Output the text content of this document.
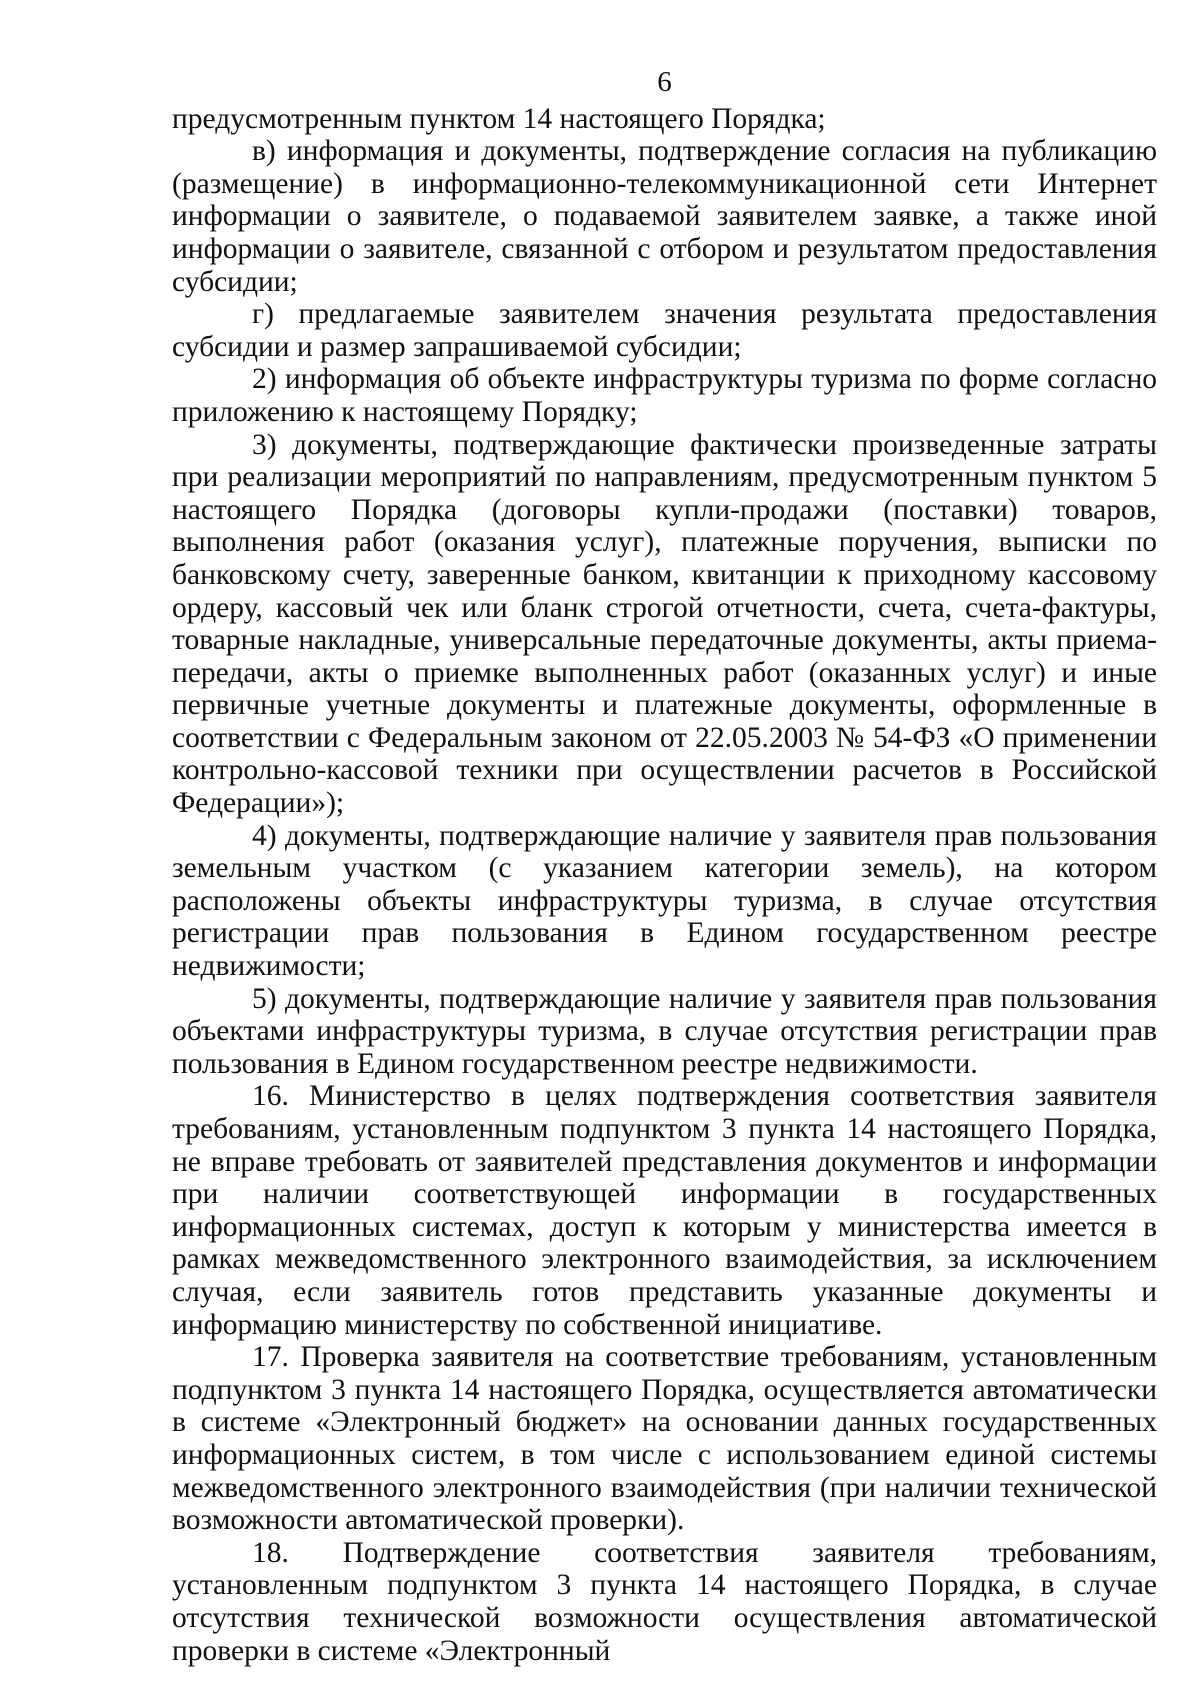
6

предусмотренным пунктом 14 настоящего Порядка;

в) информация и документы, подтверждение согласия на публикацию (размещение) в информационно-телекоммуникационной сети Интернет информации о заявителе, о подаваемой заявителем заявке, а также иной информации о заявителе, связанной с отбором и результатом предоставления субсидии;

г) предлагаемые заявителем значения результата предоставления субсидии и размер запрашиваемой субсидии;

2) информация об объекте инфраструктуры туризма по форме согласно приложению к настоящему Порядку;

3) документы, подтверждающие фактически произведенные затраты при реализации мероприятий по направлениям, предусмотренным пунктом 5 настоящего Порядка (договоры купли-продажи (поставки) товаров, выполнения работ (оказания услуг), платежные поручения, выписки по банковскому счету, заверенные банком, квитанции к приходному кассовому ордеру, кассовый чек или бланк строгой отчетности, счета, счета-фактуры, товарные накладные, универсальные передаточные документы, акты приема-передачи, акты о приемке выполненных работ (оказанных услуг) и иные первичные учетные документы и платежные документы, оформленные в соответствии с Федеральным законом от 22.05.2003 № 54-ФЗ «О применении контрольно-кассовой техники при осуществлении расчетов в Российской Федерации»);

4) документы, подтверждающие наличие у заявителя прав пользования земельным участком (с указанием категории земель), на котором расположены объекты инфраструктуры туризма, в случае отсутствия регистрации прав пользования в Едином государственном реестре недвижимости;

5) документы, подтверждающие наличие у заявителя прав пользования объектами инфраструктуры туризма, в случае отсутствия регистрации прав пользования в Едином государственном реестре недвижимости.

16. Министерство в целях подтверждения соответствия заявителя требованиям, установленным подпунктом 3 пункта 14 настоящего Порядка, не вправе требовать от заявителей представления документов и информации при наличии соответствующей информации в государственных информационных системах, доступ к которым у министерства имеется в рамках межведомственного электронного взаимодействия, за исключением случая, если заявитель готов представить указанные документы и информацию министерству по собственной инициативе.

17. Проверка заявителя на соответствие требованиям, установленным подпунктом 3 пункта 14 настоящего Порядка, осуществляется автоматически в системе «Электронный бюджет» на основании данных государственных информационных систем, в том числе с использованием единой системы межведомственного электронного взаимодействия (при наличии технической возможности автоматической проверки).

18. Подтверждение соответствия заявителя требованиям, установленным подпунктом 3 пункта 14 настоящего Порядка, в случае отсутствия технической возможности осуществления автоматической проверки в системе «Электронный
